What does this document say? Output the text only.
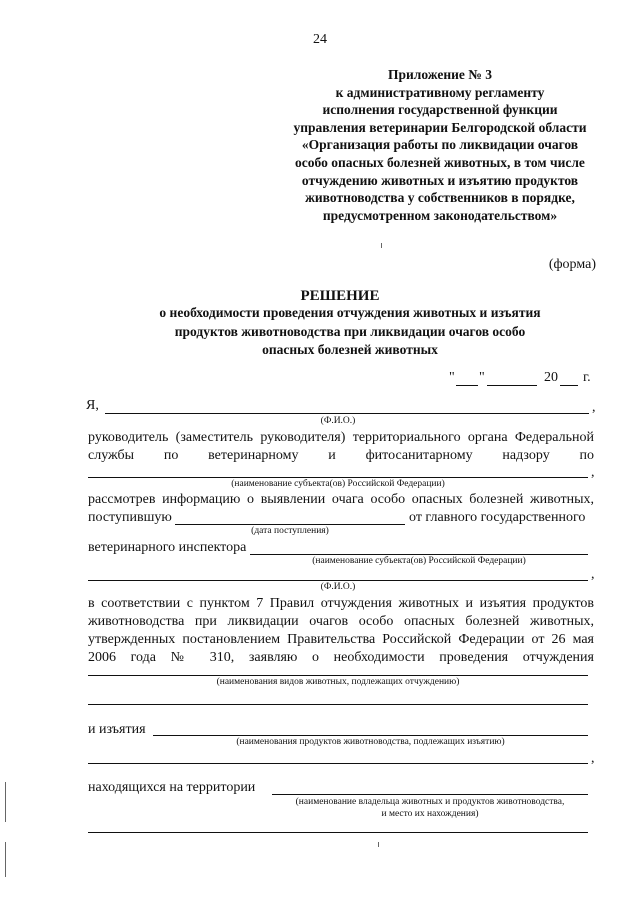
24
Приложение № 3
к административному регламенту
исполнения государственной функции
управления ветеринарии Белгородской области
«Организация работы по ликвидации очагов
особо опасных болезней животных, в том числе
отчуждению животных и изъятию продуктов
животноводства у собственников в порядке,
предусмотренном законодательством»
(форма)
РЕШЕНИЕ
о необходимости проведения отчуждения животных и изъятия
продуктов животноводства при ликвидации очагов особо
опасных болезней животных
" "	20 г.
Я,	,
(Ф.И.О.)
руководитель (заместитель руководителя) территориального органа Федеральной
службы по ветеринарному и фитосанитарному надзору по
,
(наименование субъекта(ов) Российской Федерации)
рассмотрев информацию о выявлении очага особо опасных болезней животных,
поступившую	от главного государственного
(дата поступления)
ветеринарного инспектора
(наименование субъекта(ов) Российской Федерации)
,
(Ф.И.О.)
в соответствии с пунктом 7 Правил отчуждения животных и изъятия продуктов
животноводства при ликвидации очагов особо опасных болезней животных,
утвержденных постановлением Правительства Российской Федерации от 26 мая
2006 года № 310, заявляю о необходимости проведения отчуждения
(наименования видов животных, подлежащих отчуждению)
и изъятия
(наименования продуктов животноводства, подлежащих изъятию)
,
находящихся на территории
(наименование владельца животных и продуктов животноводства,
и место их нахождения)
